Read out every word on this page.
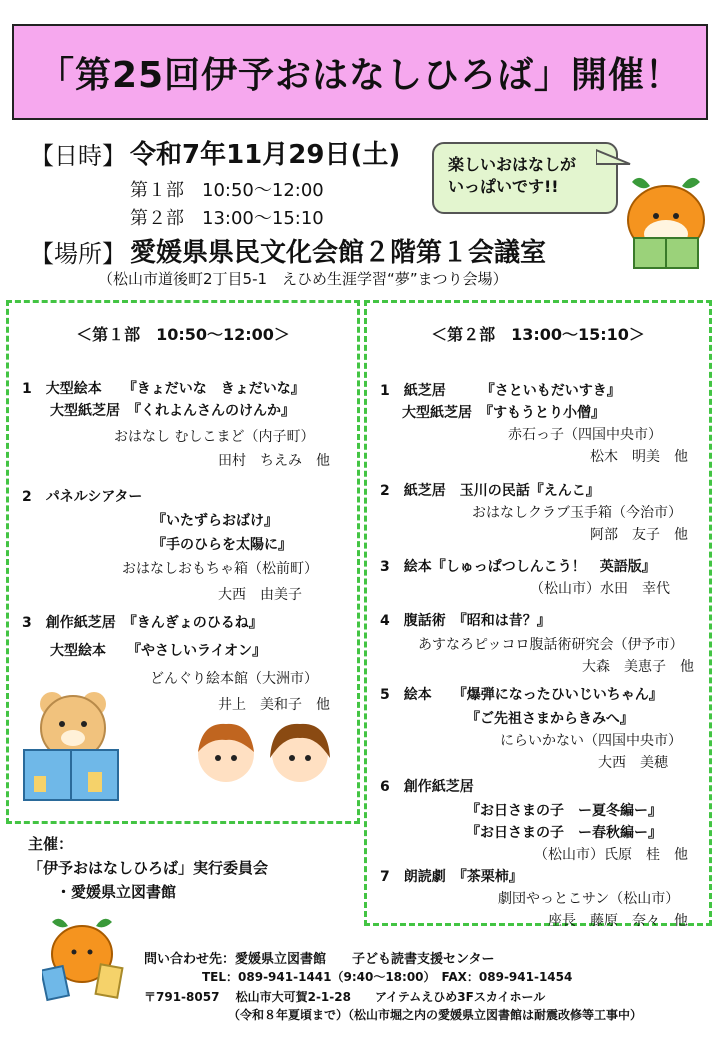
「第25回伊予おはなしひろば」開催！
【日時】 令和7年11月29日(土)
第１部　10:50～12:00
第２部　13:00～15:10
【場所】 愛媛県県民文化会館２階第１会議室
（松山市道後町2丁目5-1　えひめ生涯学習“夢”まつり会場）
楽しいおはなしが
いっぱいです!!
＜第１部　10:50～12:00＞
1　 大型絵本　　『きょだいな　きょだいな』
大型紙芝居　『くれよんさんのけんか』
おはなし むしこまど（内子町）
田村　ちえみ　他
2　 パネルシアター
『いたずらおばけ』
『手のひらを太陽に』
おはなしおもちゃ箱（松前町）
大西　由美子
3　 創作紙芝居　『きんぎょのひるね』
大型絵本　　『やさしいライオン』
どんぐり絵本館（大洲市）
井上　美和子　他
＜第２部　13:00～15:10＞
1　 紙芝居　　　『さといもだいすき』
大型紙芝居　『すもうとり小僧』
赤石っ子（四国中央市）
松木　明美　他
2　 紙芝居　玉川の民話『えんこ』
おはなしクラブ玉手箱（今治市）
阿部　友子　他
3　 絵本『しゅっぱつしんこう！　英語版』
（松山市）水田　幸代
4　 腹話術　『昭和は昔？』
あすなろピッコロ腹話術研究会（伊予市）
大森　美恵子　他
5　 絵本　　『爆弾になったひいじいちゃん』
『ご先祖さまからきみへ』
にらいかない（四国中央市）
大西　美穂
6　 創作紙芝居
『お日さまの子　ー夏冬編ー』
『お日さまの子　ー春秋編ー』
（松山市）氏原　桂　他
7　 朗読劇　『茶栗柿』
劇団やっとこサン（松山市）
座長　藤原　奈々　他
主催：
「伊予おはなしひろば」実行委員会
・愛媛県立図書館
問い合わせ先：愛媛県立図書館　　子ども読書支援センター
TEL：089-941-1441（9:40～18:00）　FAX：089-941-1454
〒791-8057　 松山市大可賀2-1-28　　アイテムえひめ3Fスカイホール
（令和８年夏頃まで）（松山市堀之内の愛媛県立図書館は耐震改修等工事中）
